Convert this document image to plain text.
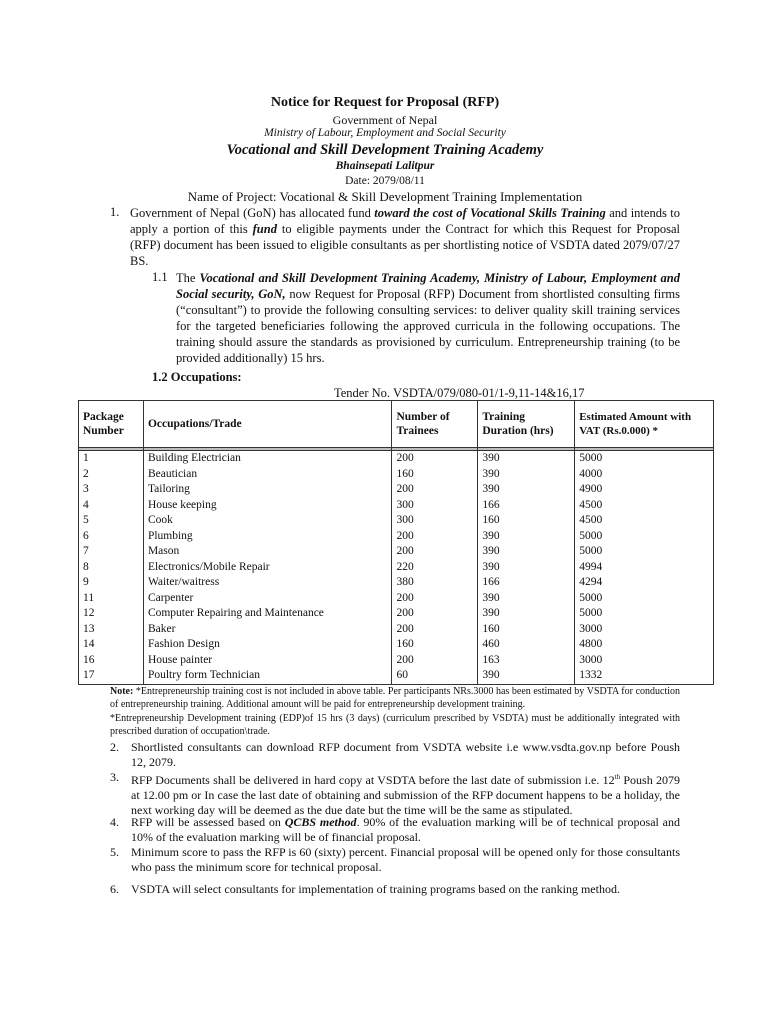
Notice for Request for Proposal (RFP)
Government of Nepal
Ministry of Labour, Employment and Social Security
Vocational and Skill Development Training Academy
Bhainsepati Lalitpur
Date: 2079/08/11
Name of Project: Vocational & Skill Development Training Implementation
1. Government of Nepal (GoN) has allocated fund toward the cost of Vocational Skills Training and intends to apply a portion of this fund to eligible payments under the Contract for which this Request for Proposal (RFP) document has been issued to eligible consultants as per shortlisting notice of VSDTA dated 2079/07/27 BS.
1.1 The Vocational and Skill Development Training Academy, Ministry of Labour, Employment and Social security, GoN, now Request for Proposal (RFP) Document from shortlisted consulting firms (“consultant”) to provide the following consulting services: to deliver quality skill training services for the targeted beneficiaries following the approved curricula in the following occupations. The training should assure the standards as provisioned by curriculum. Entrepreneurship training (to be provided additionally) 15 hrs.
1.2 Occupations:
Tender No. VSDTA/079/080-01/1-9,11-14&16,17
Package Number	Occupations/Trade	Number of Trainees	Training Duration (hrs)	Estimated Amount with VAT (Rs.0.000) *

1	Building Electrician	200	390	5000
2	Beautician	160	390	4000
3	Tailoring	200	390	4900
4	House keeping	300	166	4500
5	Cook	300	160	4500
6	Plumbing	200	390	5000
7	Mason	200	390	5000
8	Electronics/Mobile Repair	220	390	4994
9	Waiter/waitress	380	166	4294
11	Carpenter	200	390	5000
12	Computer Repairing and Maintenance	200	390	5000
13	Baker	200	160	3000
14	Fashion Design	160	460	4800
16	House painter	200	163	3000
17	Poultry form Technician	60	390	1332
Note: *Entrepreneurship training cost is not included in above table. Per participants NRs.3000 has been estimated by VSDTA for conduction of entrepreneurship training. Additional amount will be paid for entrepreneurship development training.
*Entrepreneurship Development training (EDP)of 15 hrs (3 days) (curriculum prescribed by VSDTA) must be additionally integrated with prescribed duration of occupation\trade.
2. Shortlisted consultants can download RFP document from VSDTA website i.e www.vsdta.gov.np before Poush 12, 2079.
3. RFP Documents shall be delivered in hard copy at VSDTA before the last date of submission i.e. 12th Poush 2079 at 12.00 pm or In case the last date of obtaining and submission of the RFP document happens to be a holiday, the next working day will be deemed as the due date but the time will be the same as stipulated.
4. RFP will be assessed based on QCBS method. 90% of the evaluation marking will be of technical proposal and 10% of the evaluation marking will be of financial proposal.
5. Minimum score to pass the RFP is 60 (sixty) percent. Financial proposal will be opened only for those consultants who pass the minimum score for technical proposal.
6. VSDTA will select consultants for implementation of training programs based on the ranking method.
